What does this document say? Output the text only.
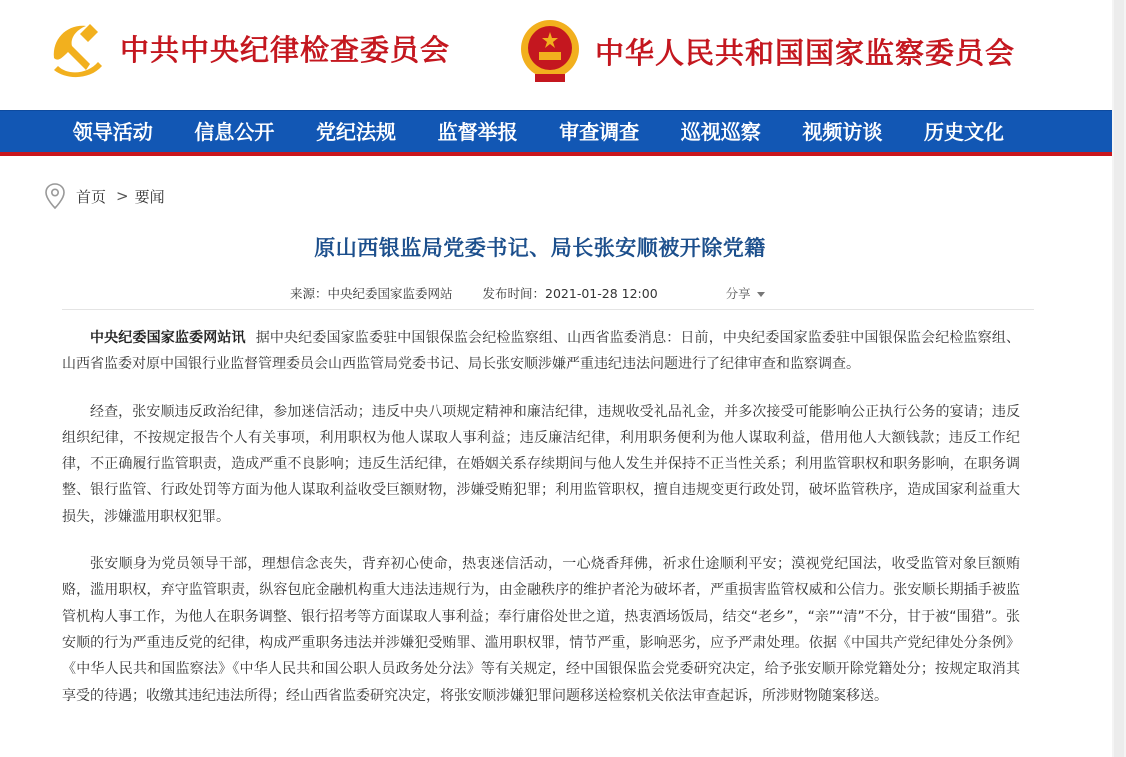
中共中央纪律检查委员会	中华人民共和国国家监察委员会
领导活动	信息公开	党纪法规	监督举报	审查调查	巡视巡察	视频访谈	历史文化
首页 > 要闻
原山西银监局党委书记、局长张安顺被开除党籍
来源：中央纪委国家监委网站 发布时间：2021-01-28 12:00	分享

中央纪委国家监委网站讯 据中央纪委国家监委驻中国银保监会纪检监察组、山西省监委消息：日前，中央纪委国家监委驻中国银保监会纪检监察组、山西省监委对原中国银行业监督管理委员会山西监管局党委书记、局长张安顺涉嫌严重违纪违法问题进行了纪律审查和监察调查。

经查，张安顺违反政治纪律，参加迷信活动；违反中央八项规定精神和廉洁纪律，违规收受礼品礼金，并多次接受可能影响公正执行公务的宴请；违反组织纪律，不按规定报告个人有关事项，利用职权为他人谋取人事利益；违反廉洁纪律，利用职务便利为他人谋取利益，借用他人大额钱款；违反工作纪律，不正确履行监管职责，造成严重不良影响；违反生活纪律，在婚姻关系存续期间与他人发生并保持不正当性关系；利用监管职权和职务影响，在职务调整、银行监管、行政处罚等方面为他人谋取利益收受巨额财物，涉嫌受贿犯罪；利用监管职权，擅自违规变更行政处罚，破坏监管秩序，造成国家利益重大损失，涉嫌滥用职权犯罪。

张安顺身为党员领导干部，理想信念丧失，背弃初心使命，热衷迷信活动，一心烧香拜佛，祈求仕途顺利平安；漠视党纪国法，收受监管对象巨额贿赂，滥用职权，弃守监管职责，纵容包庇金融机构重大违法违规行为，由金融秩序的维护者沦为破坏者，严重损害监管权威和公信力。张安顺长期插手被监管机构人事工作，为他人在职务调整、银行招考等方面谋取人事利益；奉行庸俗处世之道，热衷酒场饭局，结交“老乡”，“亲”“清”不分，甘于被“围猎”。张安顺的行为严重违反党的纪律，构成严重职务违法并涉嫌犯受贿罪、滥用职权罪，情节严重，影响恶劣，应予严肃处理。依据《中国共产党纪律处分条例》《中华人民共和国监察法》《中华人民共和国公职人员政务处分法》等有关规定，经中国银保监会党委研究决定，给予张安顺开除党籍处分；按规定取消其享受的待遇；收缴其违纪违法所得；经山西省监委研究决定，将张安顺涉嫌犯罪问题移送检察机关依法审查起诉，所涉财物随案移送。
